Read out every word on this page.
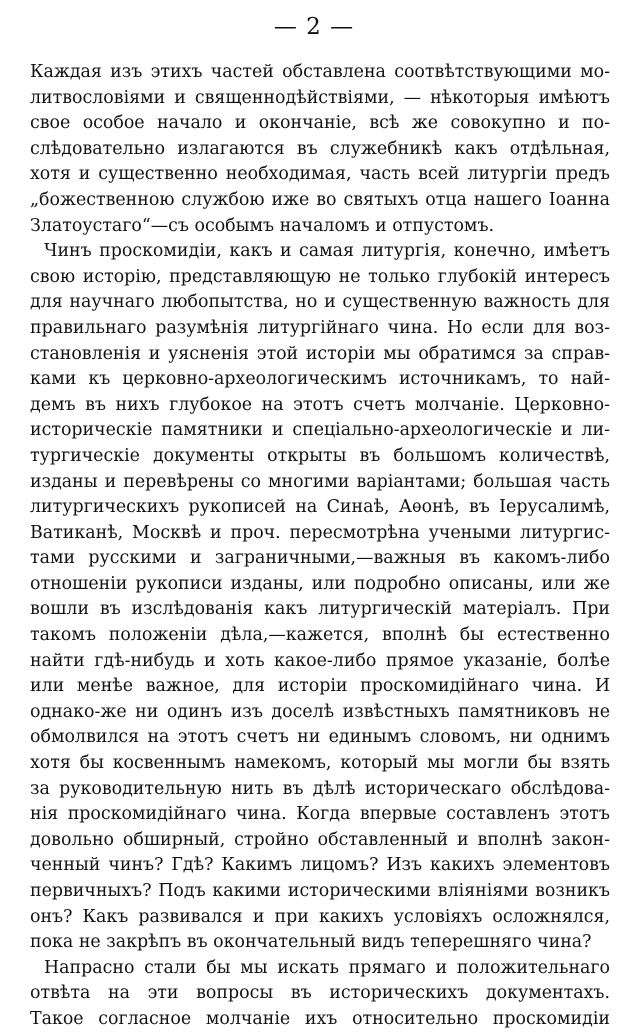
— 2 —
Каждая изъ этихъ частей обставлена соотвѣтствующими мо-
литвословіями и священнодѣйствіями, — нѣкоторыя имѣютъ
свое особое начало и окончаніе, всѣ же совокупно и по-
слѣдовательно излагаются въ служебникѣ какъ отдѣльная,
хотя и существенно необходимая, часть всей литургіи предъ
„божественною службою иже во святыхъ отца нашего Іоанна
Златоустаго“—съ особымъ началомъ и отпустомъ.
Чинъ проскомидіи, какъ и самая литургія, конечно, имѣетъ
свою исторію, представляющую не только глубокій интересъ
для научнаго любопытства, но и существенную важность для
правильнаго разумѣнія литургійнаго чина. Но если для воз-
становленія и уясненія этой исторіи мы обратимся за справ-
ками къ церковно-археологическимъ источникамъ, то най-
демъ въ нихъ глубокое на этотъ счетъ молчаніе. Церковно-
историческіе памятники и спеціально-археологическіе и ли-
тургическіе документы открыты въ большомъ количествѣ,
изданы и перевѣрены со многими варіантами; большая часть
литургическихъ рукописей на Синаѣ, Аѳонѣ, въ Іерусалимѣ,
Ватиканѣ, Москвѣ и проч. пересмотрѣна учеными литургис-
тами русскими и заграничными,—важныя въ какомъ-либо
отношеніи рукописи изданы, или подробно описаны, или же
вошли въ изслѣдованія какъ литургическій матеріалъ. При
такомъ положеніи дѣла,—кажется, вполнѣ бы естественно
найти гдѣ-нибудь и хоть какое-либо прямое указаніе, болѣе
или менѣе важное, для исторіи проскомидійнаго чина. И
однако-же ни одинъ изъ доселѣ извѣстныхъ памятниковъ не
обмолвился на этотъ счетъ ни единымъ словомъ, ни однимъ
хотя бы косвеннымъ намекомъ, который мы могли бы взять
за руководительную нить въ дѣлѣ историческаго обслѣдова-
нія проскомидійнаго чина. Когда впервые составленъ этотъ
довольно обширный, стройно обставленный и вполнѣ закон-
ченный чинъ? Гдѣ? Какимъ лицомъ? Изъ какихъ элементовъ
первичныхъ? Подъ какими историческими вліяніями возникъ
онъ? Какъ развивался и при какихъ условіяхъ осложнялся,
пока не закрѣпъ въ окончательный видъ теперешняго чина?
Напрасно стали бы мы искать прямаго и положительнаго
отвѣта на эти вопросы въ историческихъ документахъ.
Такое согласное молчаніе ихъ относительно проскомидіи
